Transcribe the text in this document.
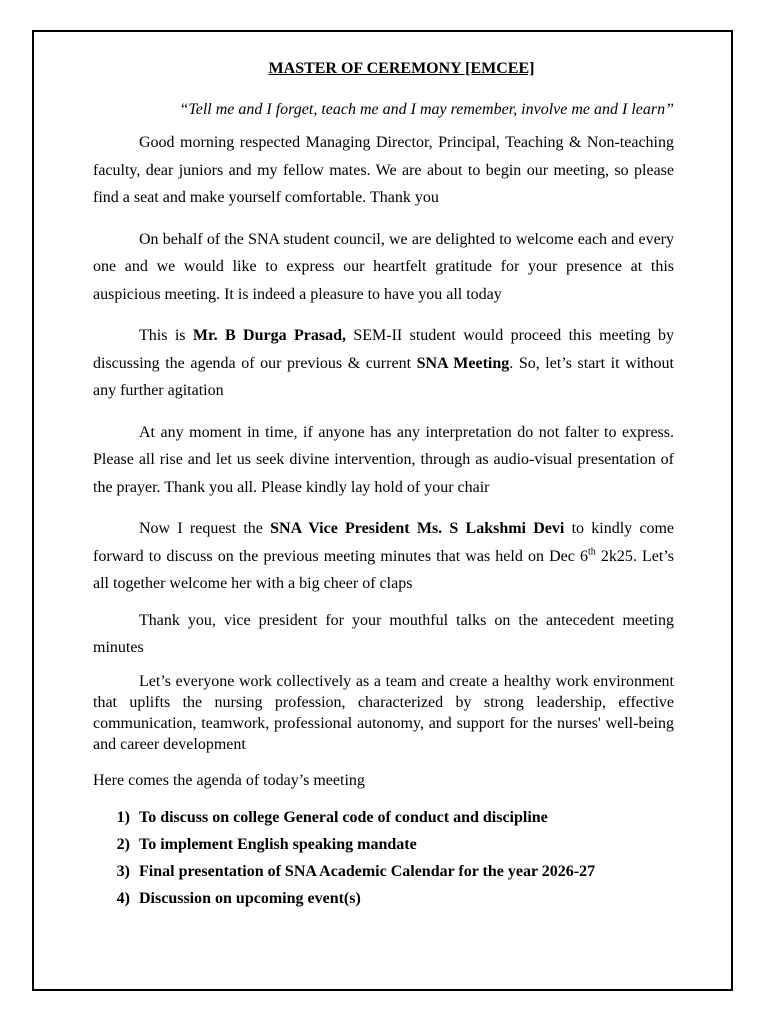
MASTER OF CEREMONY [EMCEE]
“Tell me and I forget, teach me and I may remember, involve me and I learn”

Good morning respected Managing Director, Principal, Teaching & Non-teaching faculty, dear juniors and my fellow mates. We are about to begin our meeting, so please find a seat and make yourself comfortable. Thank you

On behalf of the SNA student council, we are delighted to welcome each and every one and we would like to express our heartfelt gratitude for your presence at this auspicious meeting. It is indeed a pleasure to have you all today

This is Mr. B Durga Prasad, SEM-II student would proceed this meeting by discussing the agenda of our previous & current SNA Meeting. So, let’s start it without any further agitation

At any moment in time, if anyone has any interpretation do not falter to express. Please all rise and let us seek divine intervention, through as audio-visual presentation of the prayer. Thank you all. Please kindly lay hold of your chair

Now I request the SNA Vice President Ms. S Lakshmi Devi to kindly come forward to discuss on the previous meeting minutes that was held on Dec 6th 2k25. Let’s all together welcome her with a big cheer of claps

Thank you, vice president for your mouthful talks on the antecedent meeting minutes

Let’s everyone work collectively as a team and create a healthy work environment that uplifts the nursing profession, characterized by strong leadership, effective communication, teamwork, professional autonomy, and support for the nurses' well-being and career development

Here comes the agenda of today’s meeting

1) To discuss on college General code of conduct and discipline
2) To implement English speaking mandate
3) Final presentation of SNA Academic Calendar for the year 2026-27
4) Discussion on upcoming event(s)
